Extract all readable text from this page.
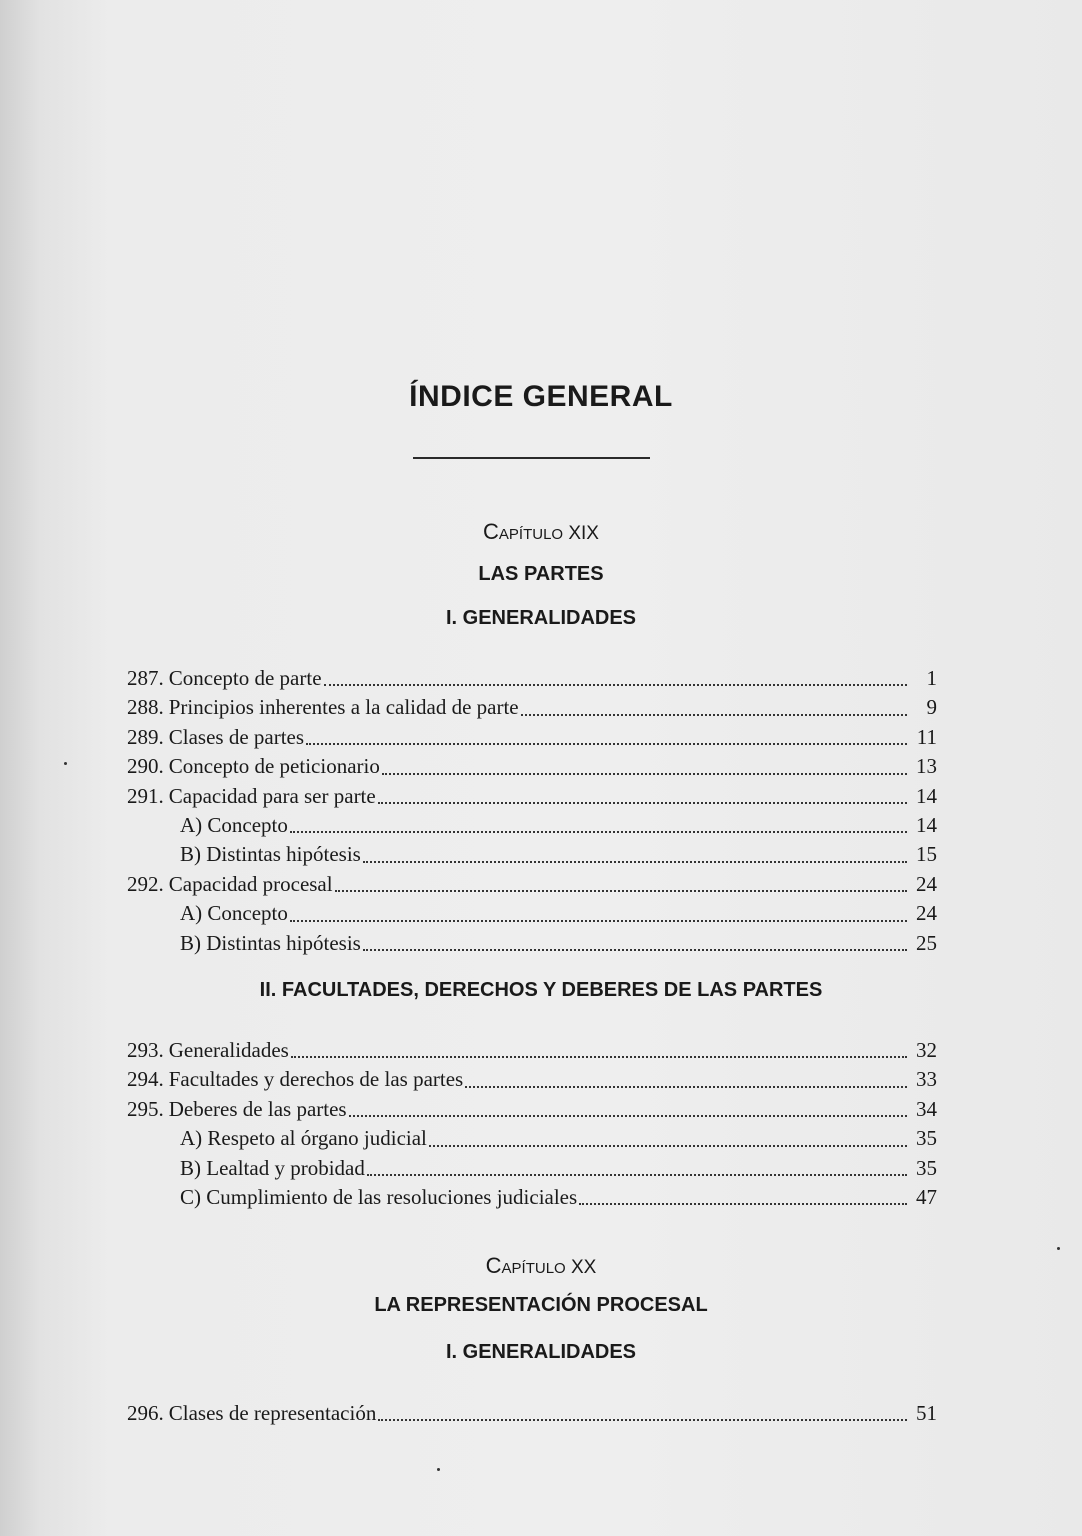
ÍNDICE GENERAL
CAPÍTULO XIX
LAS PARTES
I. GENERALIDADES
287. Concepto de parte	1
288. Principios inherentes a la calidad de parte	9
289. Clases de partes	11
290. Concepto de peticionario	13
291. Capacidad para ser parte	14
A) Concepto	14
B) Distintas hipótesis	15
292. Capacidad procesal	24
A) Concepto	24
B) Distintas hipótesis	25
II. FACULTADES, DERECHOS Y DEBERES DE LAS PARTES
293. Generalidades	32
294. Facultades y derechos de las partes	33
295. Deberes de las partes	34
A) Respeto al órgano judicial	35
B) Lealtad y probidad	35
C) Cumplimiento de las resoluciones judiciales	47
CAPÍTULO XX
LA REPRESENTACIÓN PROCESAL
I. GENERALIDADES
296. Clases de representación	51
